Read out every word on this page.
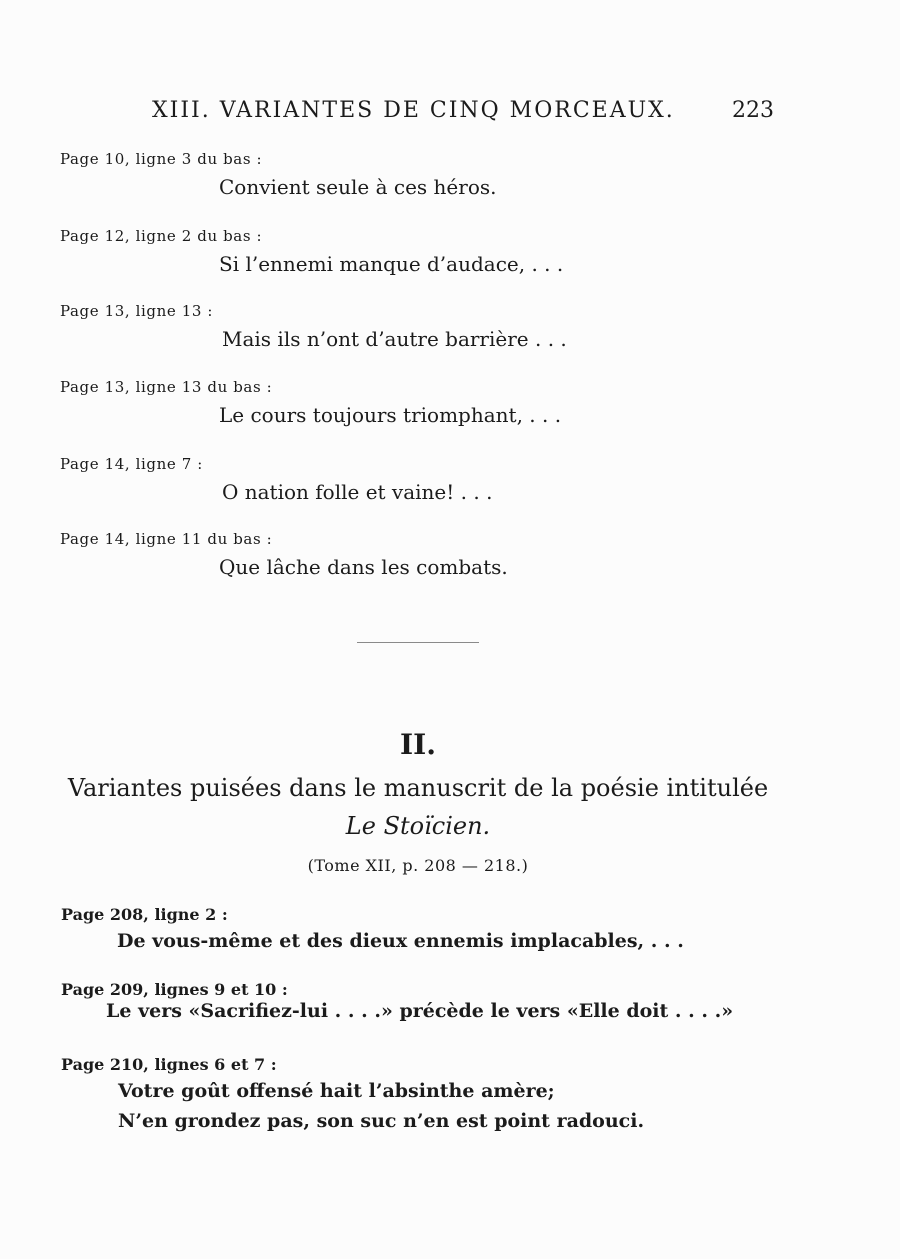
XIII. VARIANTES DE CINQ MORCEAUX.	223
Page 10, ligne 3 du bas :
Convient seule à ces héros.
Page 12, ligne 2 du bas :
Si l’ennemi manque d’audace, . . .
Page 13, ligne 13 :
Mais ils n’ont d’autre barrière . . .
Page 13, ligne 13 du bas :
Le cours toujours triomphant, . . .
Page 14, ligne 7 :
O nation folle et vaine! . . .
Page 14, ligne 11 du bas :
Que lâche dans les combats.
II.
Variantes puisées dans le manuscrit de la poésie intitulée
Le Stoïcien.
(Tome XII, p. 208 — 218.)
Page 208, ligne 2 :
De vous-même et des dieux ennemis implacables, . . .
Page 209, lignes 9 et 10 :
Le vers «Sacrifiez-lui . . . .» précède le vers «Elle doit . . . .»
Page 210, lignes 6 et 7 :
Votre goût offensé hait l’absinthe amère;
N’en grondez pas, son suc n’en est point radouci.
